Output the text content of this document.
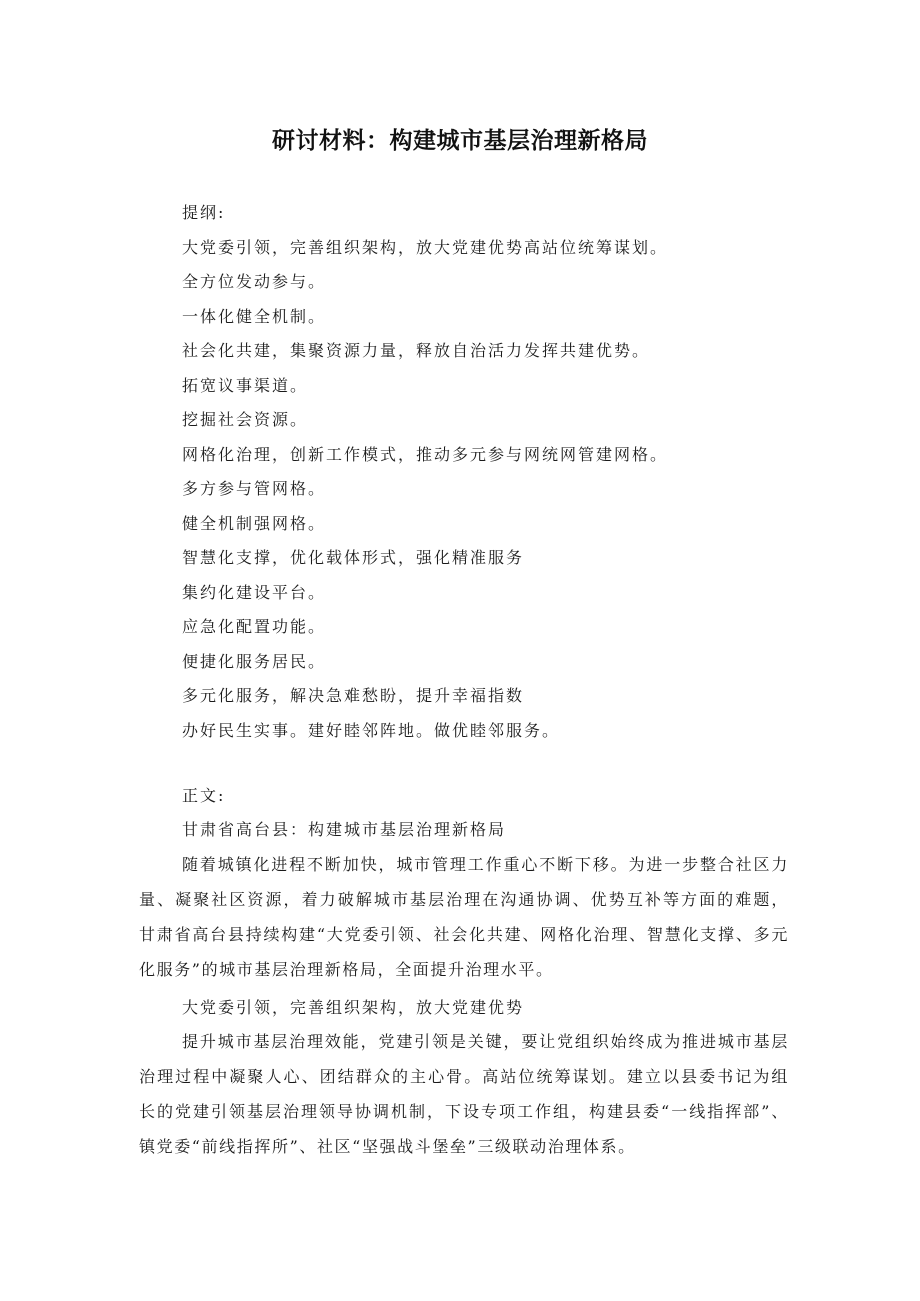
研讨材料：构建城市基层治理新格局
提纲:
大党委引领，完善组织架构，放大党建优势高站位统筹谋划。
全方位发动参与。
一体化健全机制。
社会化共建，集聚资源力量，释放自治活力发挥共建优势。
拓宽议事渠道。
挖掘社会资源。
网格化治理，创新工作模式，推动多元参与网统网管建网格。
多方参与管网格。
健全机制强网格。
智慧化支撑，优化载体形式，强化精准服务
集约化建设平台。
应急化配置功能。
便捷化服务居民。
多元化服务，解决急难愁盼，提升幸福指数
办好民生实事。建好睦邻阵地。做优睦邻服务。
正文:
甘肃省高台县：构建城市基层治理新格局

随着城镇化进程不断加快，城市管理工作重心不断下移。为进一步整合社区力量、凝聚社区资源，着力破解城市基层治理在沟通协调、优势互补等方面的难题，甘肃省高台县持续构建“大党委引领、社会化共建、网格化治理、智慧化支撑、多元化服务”的城市基层治理新格局，全面提升治理水平。

大党委引领，完善组织架构，放大党建优势

提升城市基层治理效能，党建引领是关键，要让党组织始终成为推进城市基层治理过程中凝聚人心、团结群众的主心骨。高站位统筹谋划。建立以县委书记为组长的党建引领基层治理领导协调机制，下设专项工作组，构建县委“一线指挥部”、镇党委“前线指挥所”、社区“坚强战斗堡垒”三级联动治理体系。
